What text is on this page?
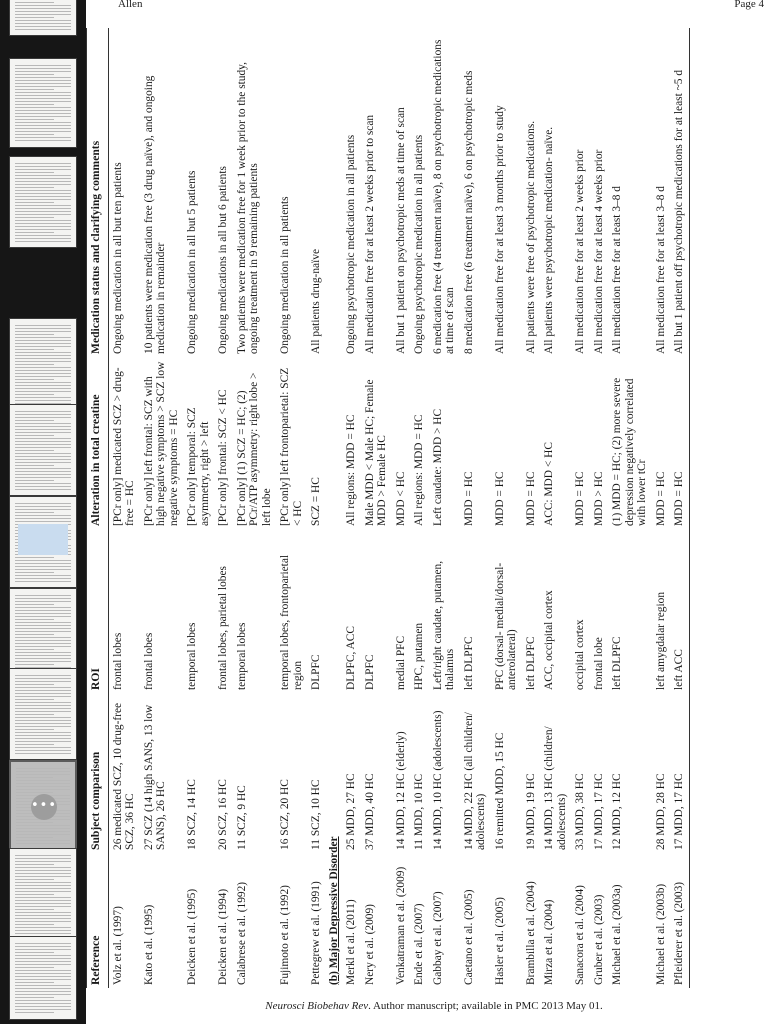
•••
Allen	Page 4
Reference	Subject comparison	ROI	Alteration in total creatine	Medication status and clarifying comments
Volz et al. (1997)	26 medicated SCZ, 10 drug-free SCZ, 36 HC	frontal lobes	[PCr only] medicated SCZ > drug-free = HC	Ongoing medication in all but ten patients
Kato et al. (1995)	27 SCZ (14 high SANS, 13 low SANS), 26 HC	frontal lobes	[PCr only] left frontal: SCZ with high negative symptoms > SCZ low negative symptoms = HC	10 patients were medication free (3 drug naïve), and ongoing medication in remainder
Deicken et al. (1995)	18 SCZ, 14 HC	temporal lobes	[PCr only] temporal: SCZ asymmetry, right > left	Ongoing medication in all but 5 patients
Deicken et al. (1994)	20 SCZ, 16 HC	frontal lobes, parietal lobes	[PCr only] frontal: SCZ < HC	Ongoing medications in all but 6 patients
Calabrese et al. (1992)	11 SCZ, 9 HC	temporal lobes	[PCr only] (1) SCZ = HC; (2) PCr/ATP asymmetry: right lobe > left lobe	Two patients were medication free for 1 week prior to the study, ongoing treatment in 9 remaining patients
Fujimoto et al. (1992)	16 SCZ, 20 HC	temporal lobes, frontoparietal region	[PCr only] left frontoparietal: SCZ < HC	Ongoing medication in all patients
Pettegrew et al. (1991)	11 SCZ, 10 HC	DLPFC	SCZ = HC	All patients drug-naïve
(b) Major Depressive Disorder				
Merkl et al. (2011)	25 MDD, 27 HC	DLPFC, ACC	All regions: MDD = HC	Ongoing psychotropic medication in all patients
Nery et al. (2009)	37 MDD, 40 HC	DLPFC	Male MDD < Male HC; Female MDD > Female HC	All medication free for at least 2 weeks prior to scan
Venkatraman et al. (2009)	14 MDD, 12 HC (elderly)	medial PFC	MDD < HC	All but 1 patient on psychotropic meds at time of scan
Ende et al. (2007)	11 MDD, 10 HC	HPC, putamen	All regions: MDD = HC	Ongoing psychotropic medication in all patients
Gabbay et al. (2007)	14 MDD, 10 HC (adolescents)	Left/right caudate, putamen, thalamus	Left caudate: MDD > HC	6 medication free (4 treatment naïve), 8 on psychotropic medications at time of scan
Caetano et al. (2005)	14 MDD, 22 HC (all children/ adolescents)	left DLPFC	MDD = HC	8 medication free (6 treatment naïve), 6 on psychotropic meds
Hasler et al. (2005)	16 remitted MDD, 15 HC	PFC (dorsal- medial/dorsal- anterolateral)	MDD = HC	All medication free for at least 3 months prior to study
Brambilla et al. (2004)	19 MDD, 19 HC	left DLPFC	MDD = HC	All patients were free of psychotropic medications.
Mirza et al. (2004)	14 MDD, 13 HC (children/ adolescents)	ACC, occipital cortex	ACC: MDD < HC	All patients were psychotropic medication- naïve.
Sanacora et al. (2004)	33 MDD, 38 HC	occipital cortex	MDD = HC	All medication free for at least 2 weeks prior
Gruber et al. (2003)	17 MDD, 17 HC	frontal lobe	MDD > HC	All medication free for at least 4 weeks prior
Michael et al. (2003a)	12 MDD, 12 HC	left DLPFC	(1) MDD = HC; (2) more severe depression negatively correlated with lower tCr	All medication free for at least 3–8 d
Michael et al. (2003b)	28 MDD, 28 HC	left amygdalar region	MDD = HC	All medication free for at least 3–8 d
Pfleiderer et al. (2003)	17 MDD, 17 HC	left ACC	MDD = HC	All but 1 patient off psychotropic medications for at least ~5 d
Neurosci Biobehav Rev. Author manuscript; available in PMC 2013 May 01.
